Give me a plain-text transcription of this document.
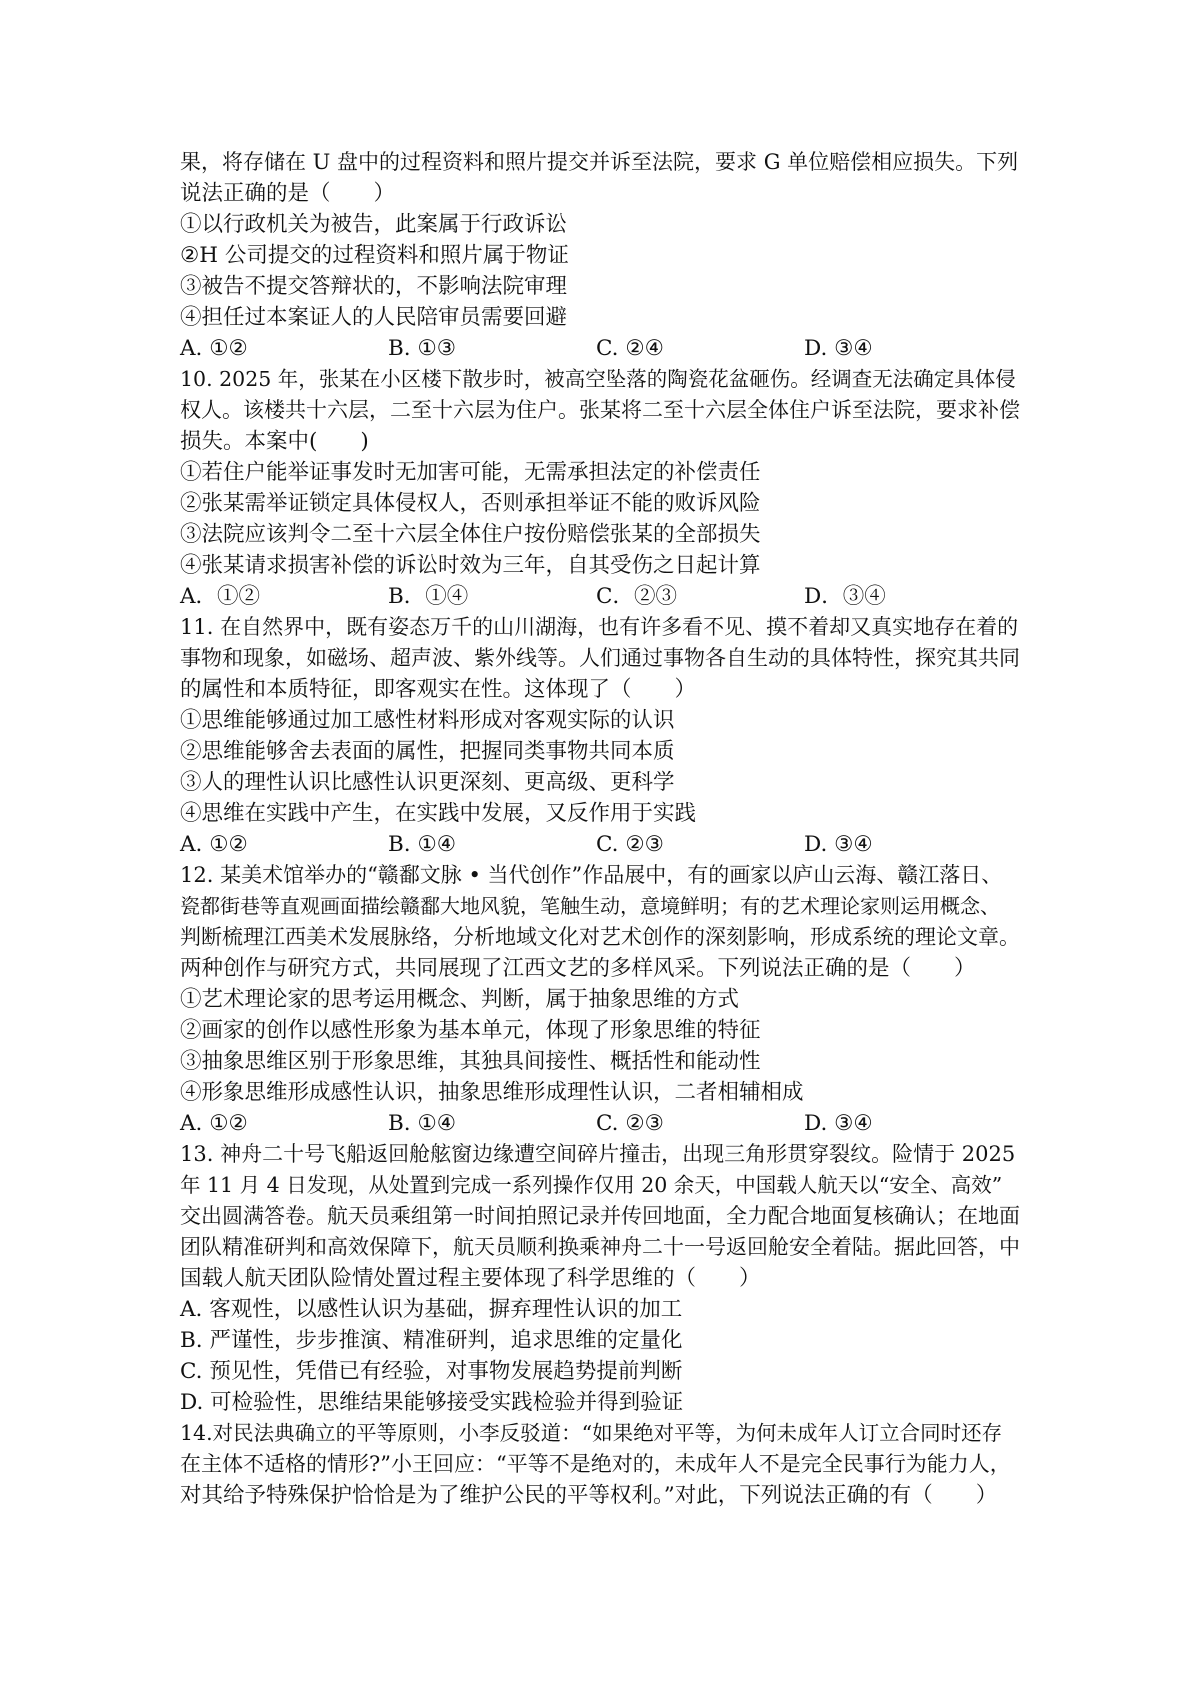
果，将存储在 U 盘中的过程资料和照片提交并诉至法院，要求 G 单位赔偿相应损失。下列
说法正确的是（　　）
①以行政机关为被告，此案属于行政诉讼
②H 公司提交的过程资料和照片属于物证
③被告不提交答辩状的，不影响法院审理
④担任过本案证人的人民陪审员需要回避
A. ①②	B. ①③	C. ②④	D. ③④
10. 2025 年，张某在小区楼下散步时，被高空坠落的陶瓷花盆砸伤。经调查无法确定具体侵
权人。该楼共十六层，二至十六层为住户。张某将二至十六层全体住户诉至法院，要求补偿
损失。本案中(　　)
①若住户能举证事发时无加害可能，无需承担法定的补偿责任
②张某需举证锁定具体侵权人，否则承担举证不能的败诉风险
③法院应该判令二至十六层全体住户按份赔偿张某的全部损失
④张某请求损害补偿的诉讼时效为三年，自其受伤之日起计算
A．①②	B．①④	C．②③	D．③④
11. 在自然界中，既有姿态万千的山川湖海，也有许多看不见、摸不着却又真实地存在着的
事物和现象，如磁场、超声波、紫外线等。人们通过事物各自生动的具体特性，探究其共同
的属性和本质特征，即客观实在性。这体现了（　　）
①思维能够通过加工感性材料形成对客观实际的认识
②思维能够舍去表面的属性，把握同类事物共同本质
③人的理性认识比感性认识更深刻、更高级、更科学
④思维在实践中产生，在实践中发展，又反作用于实践
A. ①②	B. ①④	C. ②③	D. ③④
12. 某美术馆举办的“赣鄱文脉 • 当代创作”作品展中，有的画家以庐山云海、赣江落日、
瓷都街巷等直观画面描绘赣鄱大地风貌，笔触生动，意境鲜明；有的艺术理论家则运用概念、
判断梳理江西美术发展脉络，分析地域文化对艺术创作的深刻影响，形成系统的理论文章。
两种创作与研究方式，共同展现了江西文艺的多样风采。下列说法正确的是（　　）
①艺术理论家的思考运用概念、判断，属于抽象思维的方式
②画家的创作以感性形象为基本单元，体现了形象思维的特征
③抽象思维区别于形象思维，其独具间接性、概括性和能动性
④形象思维形成感性认识，抽象思维形成理性认识，二者相辅相成
A. ①②	B. ①④	C. ②③	D. ③④
13. 神舟二十号飞船返回舱舷窗边缘遭空间碎片撞击，出现三角形贯穿裂纹。险情于 2025
年 11 月 4 日发现，从处置到完成一系列操作仅用 20 余天，中国载人航天以“安全、高效”
交出圆满答卷。航天员乘组第一时间拍照记录并传回地面，全力配合地面复核确认；在地面
团队精准研判和高效保障下，航天员顺利换乘神舟二十一号返回舱安全着陆。据此回答，中
国载人航天团队险情处置过程主要体现了科学思维的（　　）
A. 客观性，以感性认识为基础，摒弃理性认识的加工
B. 严谨性，步步推演、精准研判，追求思维的定量化
C. 预见性，凭借已有经验，对事物发展趋势提前判断
D. 可检验性，思维结果能够接受实践检验并得到验证
14.对民法典确立的平等原则，小李反驳道：“如果绝对平等，为何未成年人订立合同时还存
在主体不适格的情形?”小王回应：“平等不是绝对的，未成年人不是完全民事行为能力人，
对其给予特殊保护恰恰是为了维护公民的平等权利。”对此，下列说法正确的有（　　）
